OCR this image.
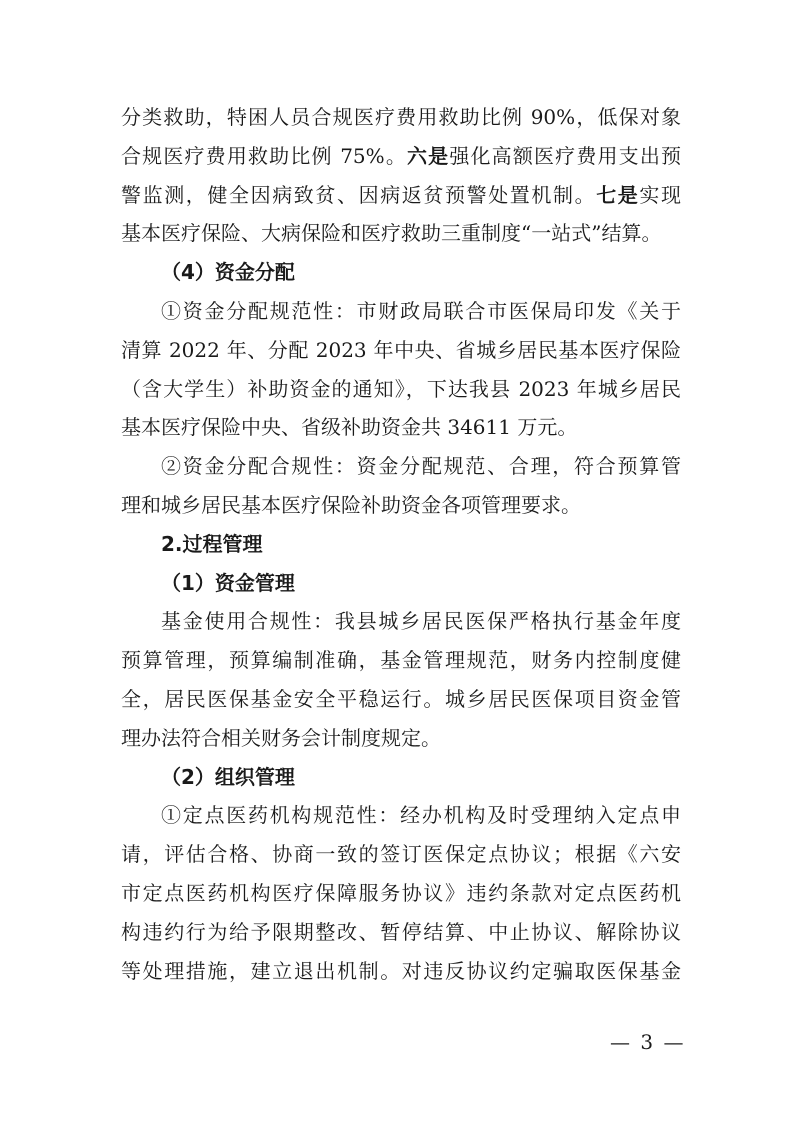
分类救助，特困人员合规医疗费用救助比例 90%，低保对象
合规医疗费用救助比例 75%。六是强化高额医疗费用支出预
警监测，健全因病致贫、因病返贫预警处置机制。七是实现
基本医疗保险、大病保险和医疗救助三重制度“一站式”结算。
（4）资金分配
①资金分配规范性：市财政局联合市医保局印发《关于
清算 2022 年、分配 2023 年中央、省城乡居民基本医疗保险
（含大学生）补助资金的通知》，下达我县 2023 年城乡居民
基本医疗保险中央、省级补助资金共 34611 万元。
②资金分配合规性：资金分配规范、合理，符合预算管
理和城乡居民基本医疗保险补助资金各项管理要求。
2.过程管理
（1）资金管理
基金使用合规性：我县城乡居民医保严格执行基金年度
预算管理，预算编制准确，基金管理规范，财务内控制度健
全，居民医保基金安全平稳运行。城乡居民医保项目资金管
理办法符合相关财务会计制度规定。
（2）组织管理
①定点医药机构规范性：经办机构及时受理纳入定点申
请，评估合格、协商一致的签订医保定点协议；根据《六安
市定点医药机构医疗保障服务协议》违约条款对定点医药机
构违约行为给予限期整改、暂停结算、中止协议、解除协议
等处理措施，建立退出机制。对违反协议约定骗取医保基金
— 3 —
